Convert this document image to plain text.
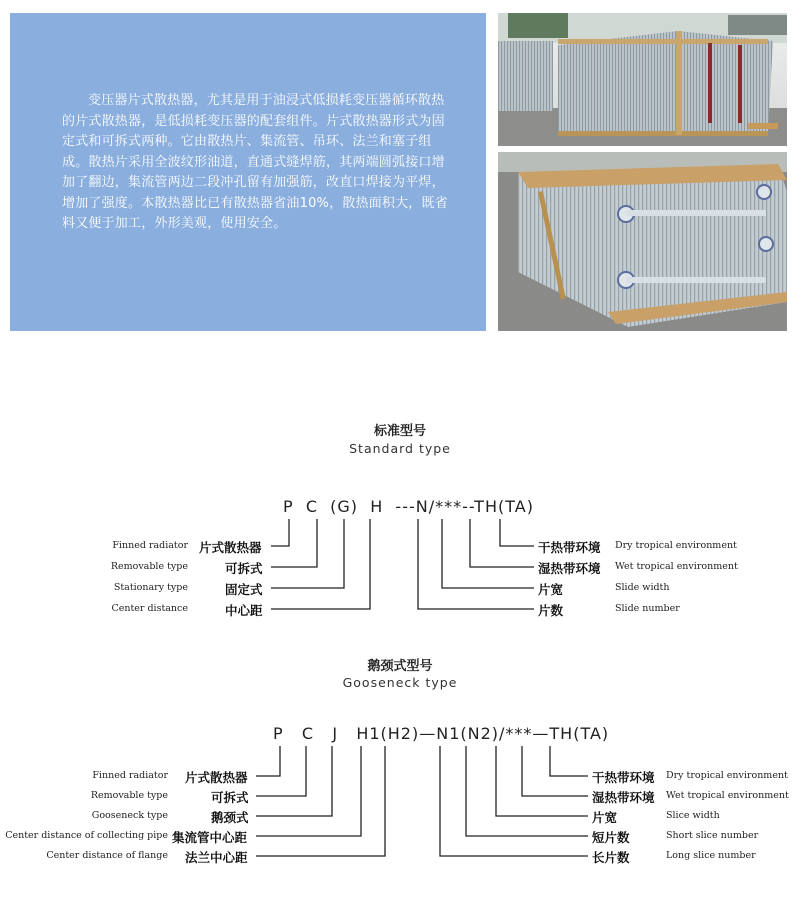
变压器片式散热器，尤其是用于油浸式低损耗变压器循环散热的片式散热器，是低损耗变压器的配套组件。片式散热器形式为固定式和可拆式两种。它由散热片、集流管、吊环、法兰和塞子组成。散热片采用全波纹形油道，直通式缝焊筋，其两端圆弧接口增加了翻边，集流管两边二段冲孔留有加强筋，改直口焊接为平焊，增加了强度。本散热器比已有散热器省油10%，散热面积大，既省料又便于加工，外形美观，使用安全。

标准型号
Standard type
P  C  (G)  H  ---N/***--TH(TA)
Finned radiator 片式散热器
Removable type	可拆式
Stationary type	固定式
Center distance	中心距
干热带环境 Dry tropical environment
湿热带环境 Wet tropical environment
片宽	Slide width
片数	Slide number
鹅颈式型号
Gooseneck type
P   C   J   H1(H2)—N1(N2)/***—TH(TA)
Finned radiator 片式散热器
Removable type	可拆式
Gooseneck type	鹅颈式
Center distance of collecting pipe 集流管中心距
Center distance of flange 法兰中心距
干热带环境 Dry tropical environment
湿热带环境 Wet tropical environment
片宽	Slice width
短片数	Short slice number
长片数	Long slice number
